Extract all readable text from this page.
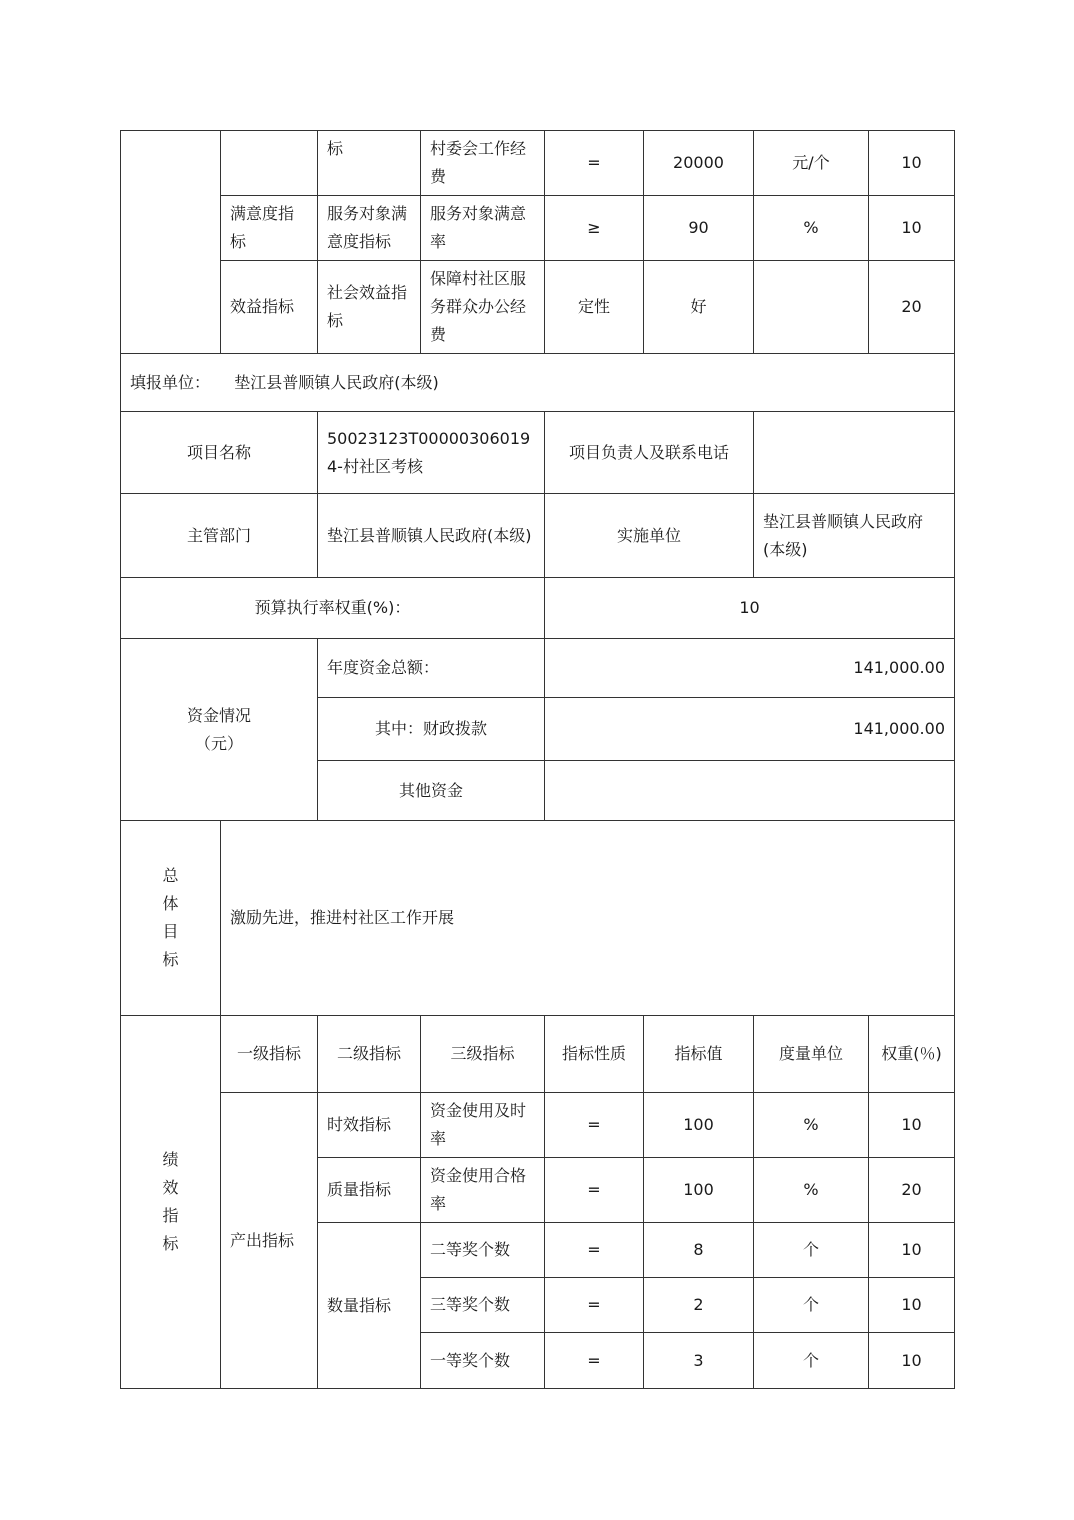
		标	村委会工作经费	=	20000	元/个	10
	满意度指标	服务对象满意度指标	服务对象满意率	≥	90	%	10
	效益指标	社会效益指标	保障村社区服务群众办公经费	定性	好		20
填报单位： 垫江县普顺镇人民政府(本级)							
项目名称		50023123T000003060194-村社区考核		项目负责人及联系电话			
主管部门		垫江县普顺镇人民政府(本级)		实施单位		垫江县普顺镇人民政府(本级)	
预算执行率权重(%)：				10			

资金情况
（元）		年度资金总额：		141,000.00			
		其中：财政拨款		141,000.00			
		其他资金					

总
体
目
标	激励先进，推进村社区工作开展						

绩
效
指
标	一级指标	二级指标	三级指标	指标性质	指标值	度量单位	权重(％)
	产出指标	时效指标	资金使用及时率	=	100	%	10
		质量指标	资金使用合格率	=	100	%	20
		数量指标	二等奖个数	=	8	个	10
			三等奖个数	=	2	个	10
			一等奖个数	=	3	个	10
